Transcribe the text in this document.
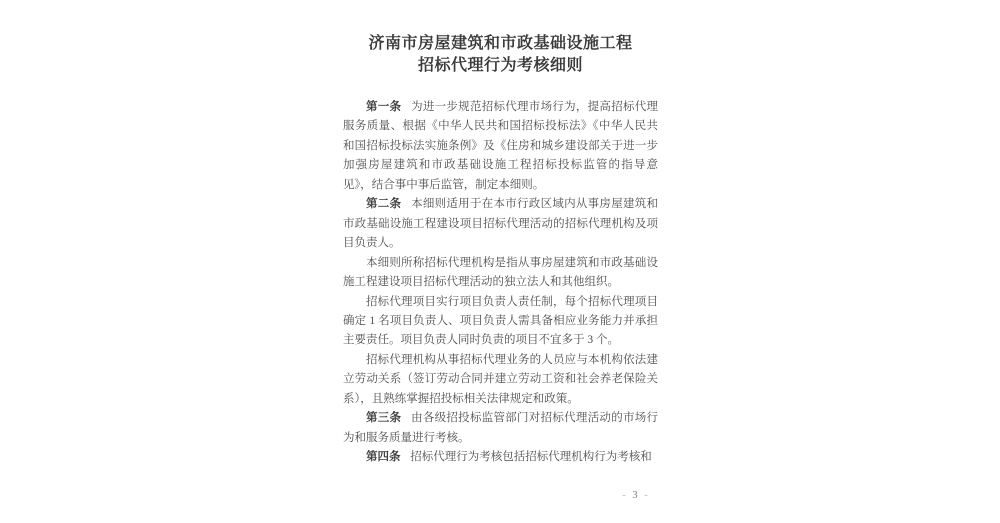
济南市房屋建筑和市政基础设施工程
招标代理行为考核细则

第一条 为进一步规范招标代理市场行为，提高招标代理服务质量、根据《中华人民共和国招标投标法》《中华人民共和国招标投标法实施条例》及《住房和城乡建设部关于进一步加强房屋建筑和市政基础设施工程招标投标监管的指导意见》，结合事中事后监管，制定本细则。

第二条 本细则适用于在本市行政区域内从事房屋建筑和市政基础设施工程建设项目招标代理活动的招标代理机构及项目负责人。

本细则所称招标代理机构是指从事房屋建筑和市政基础设施工程建设项目招标代理活动的独立法人和其他组织。

招标代理项目实行项目负责人责任制，每个招标代理项目确定 1 名项目负责人、项目负责人需具备相应业务能力并承担主要责任。项目负责人同时负责的项目不宜多于 3 个。

招标代理机构从事招标代理业务的人员应与本机构依法建立劳动关系（签订劳动合同并建立劳动工资和社会养老保险关系），且熟练掌握招投标相关法律规定和政策。

第三条 由各级招投标监管部门对招标代理活动的市场行为和服务质量进行考核。

第四条 招标代理行为考核包括招标代理机构行为考核和

- 3 -
